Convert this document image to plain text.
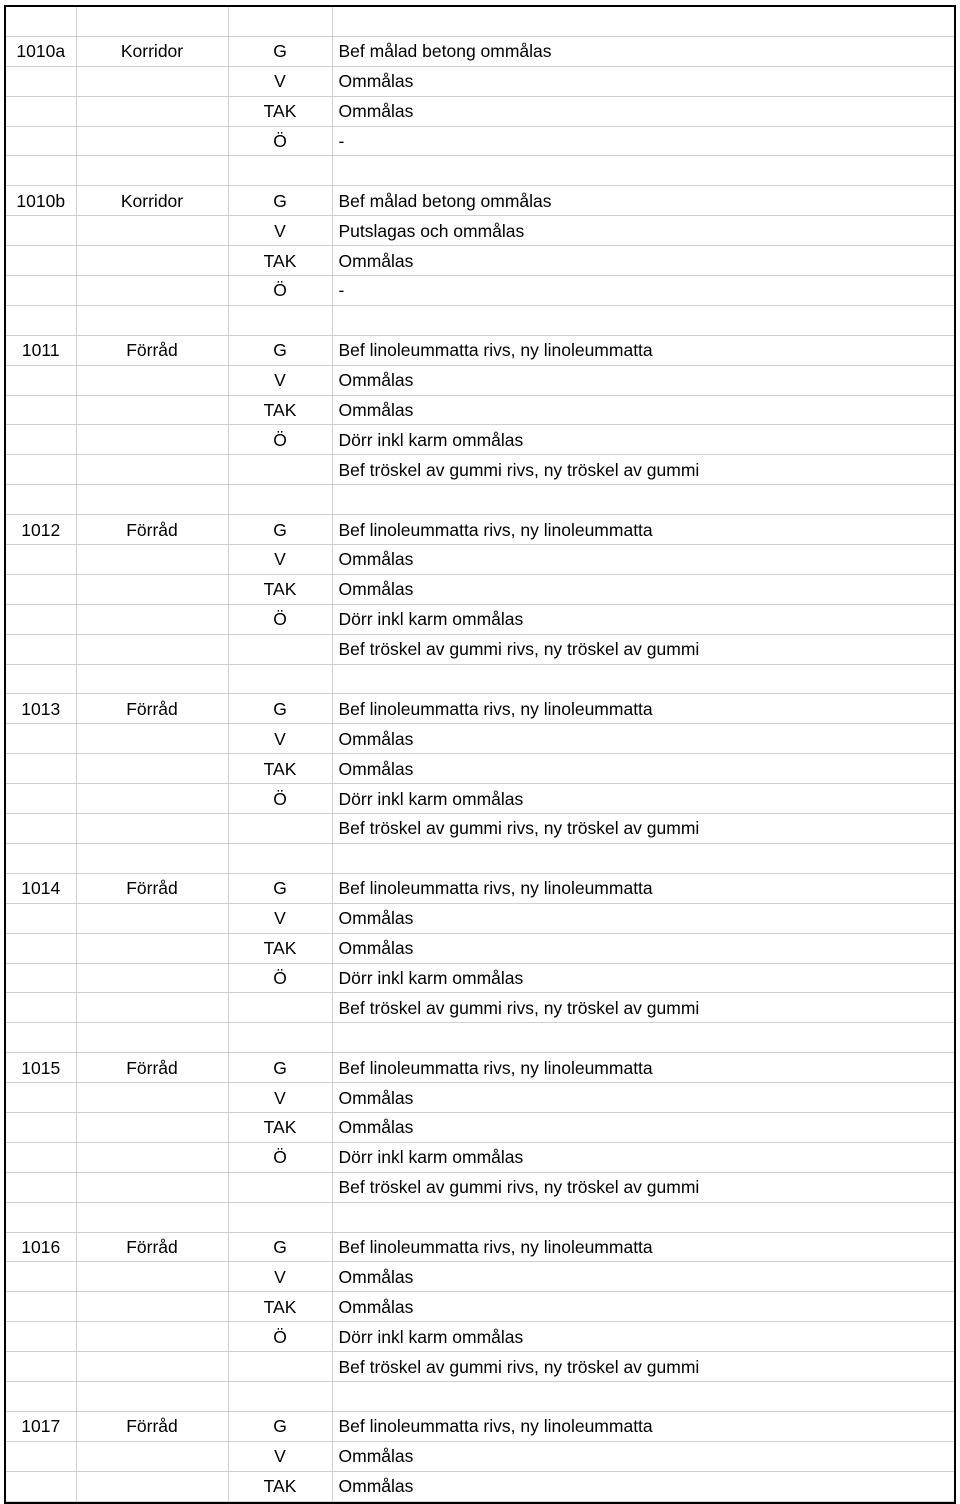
1010a	Korridor	G	Bef målad betong ommålas
		V	Ommålas
		TAK	Ommålas
		Ö	-

1010b	Korridor	G	Bef målad betong ommålas
		V	Putslagas och ommålas
		TAK	Ommålas
		Ö	-

1011	Förråd	G	Bef linoleummatta rivs, ny linoleummatta
		V	Ommålas
		TAK	Ommålas
		Ö	Dörr inkl karm ommålas
			Bef tröskel av gummi rivs, ny tröskel av gummi

1012	Förråd	G	Bef linoleummatta rivs, ny linoleummatta
		V	Ommålas
		TAK	Ommålas
		Ö	Dörr inkl karm ommålas
			Bef tröskel av gummi rivs, ny tröskel av gummi

1013	Förråd	G	Bef linoleummatta rivs, ny linoleummatta
		V	Ommålas
		TAK	Ommålas
		Ö	Dörr inkl karm ommålas
			Bef tröskel av gummi rivs, ny tröskel av gummi

1014	Förråd	G	Bef linoleummatta rivs, ny linoleummatta
		V	Ommålas
		TAK	Ommålas
		Ö	Dörr inkl karm ommålas
			Bef tröskel av gummi rivs, ny tröskel av gummi

1015	Förråd	G	Bef linoleummatta rivs, ny linoleummatta
		V	Ommålas
		TAK	Ommålas
		Ö	Dörr inkl karm ommålas
			Bef tröskel av gummi rivs, ny tröskel av gummi

1016	Förråd	G	Bef linoleummatta rivs, ny linoleummatta
		V	Ommålas
		TAK	Ommålas
		Ö	Dörr inkl karm ommålas
			Bef tröskel av gummi rivs, ny tröskel av gummi

1017	Förråd	G	Bef linoleummatta rivs, ny linoleummatta
		V	Ommålas
		TAK	Ommålas
